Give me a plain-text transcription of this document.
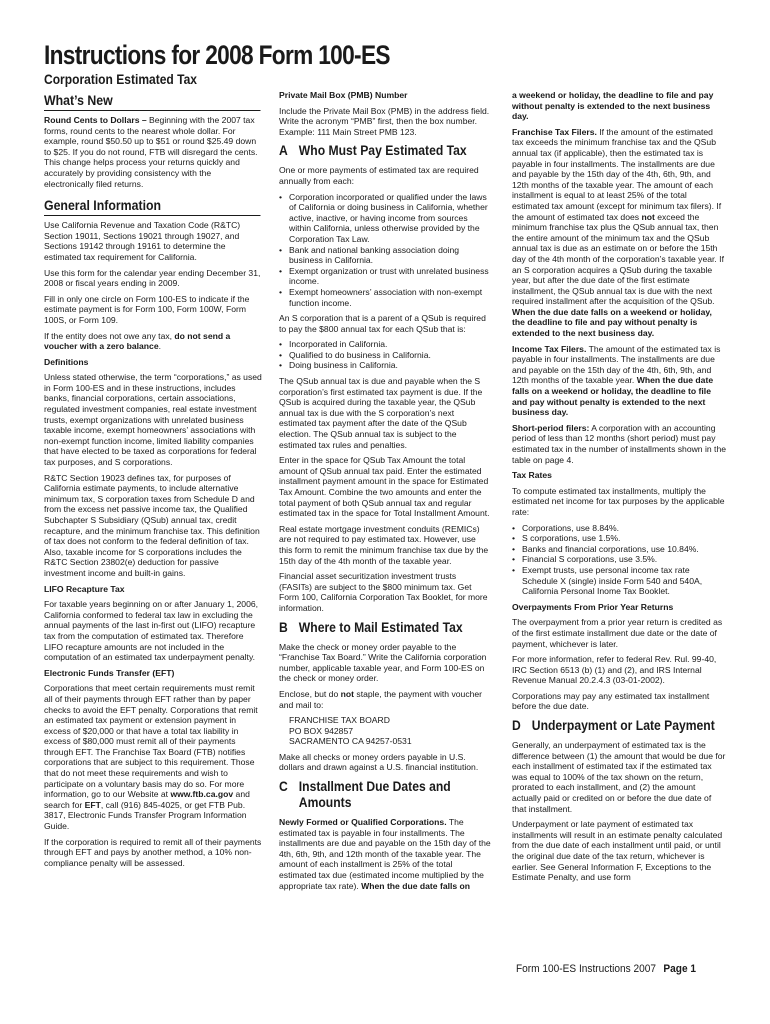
Instructions for 2008 Form 100-ES
Corporation Estimated Tax
What’s New

Round Cents to Dollars – Beginning with the 2007 tax forms, round cents to the nearest whole dollar. For example, round $50.50 up to $51 or round $25.49 down to $25. If you do not round, FTB will disregard the cents. This change helps process your returns quickly and accurately by providing consistency with the electronically filed returns.

General Information

Use California Revenue and Taxation Code (R&TC) Section 19011, Sections 19021 through 19027, and Sections 19142 through 19161 to determine the estimated tax requirement for California.

Use this form for the calendar year ending December 31, 2008 or fiscal years ending in 2009.

Fill in only one circle on Form 100-ES to indicate if the estimate payment is for Form 100, Form 100W, Form 100S, or Form 109.

If the entity does not owe any tax, do not send a voucher with a zero balance.

Definitions

Unless stated otherwise, the term “corporations,” as used in Form 100-ES and in these instructions, includes banks, financial corporations, certain associations, regulated investment companies, real estate investment trusts, exempt organizations with unrelated business taxable income, exempt homeowners’ associations with non-exempt function income, limited liability companies that have elected to be taxed as corporations for federal tax purposes, and S corporations.

R&TC Section 19023 defines tax, for purposes of California estimate payments, to include alternative minimum tax, S corporation taxes from Schedule D and from the excess net passive income tax, the Qualified Subchapter S Subsidiary (QSub) annual tax, credit recapture, and the minimum franchise tax. This definition of tax does not conform to the federal definition of tax. Also, taxable income for S corporations includes the R&TC Section 23802(e) deduction for passive investment income and built-in gains.

LIFO Recapture Tax

For taxable years beginning on or after January 1, 2006, California conformed to federal tax law in excluding the annual payments of the last in-first out (LIFO) recapture tax from the computation of estimated tax. Therefore LIFO recapture amounts are not included in the computation of an estimated tax underpayment penalty.

Electronic Funds Transfer (EFT)

Corporations that meet certain requirements must remit all of their payments through EFT rather than by paper checks to avoid the EFT penalty. Corporations that remit an estimated tax payment or extension payment in excess of $20,000 or that have a total tax liability in excess of $80,000 must remit all of their payments through EFT. The Franchise Tax Board (FTB) notifies corporations that are subject to this requirement. Those that do not meet these requirements and wish to participate on a voluntary basis may do so. For more information, go to our Website at www.ftb.ca.gov and search for EFT, call (916) 845-4025, or get FTB Pub. 3817, Electronic Funds Transfer Program Information Guide.

If the corporation is required to remit all of their payments through EFT and pays by another method, a 10% non-compliance penalty will be assessed.

Private Mail Box (PMB) Number

Include the Private Mail Box (PMB) in the address field. Write the acronym “PMB” first, then the box number. Example: 111 Main Street PMB 123.

A Who Must Pay Estimated Tax

One or more payments of estimated tax are required annually from each:

• Corporation incorporated or qualified under the laws of California or doing business in California, whether active, inactive, or having income from sources within California, unless otherwise provided by the Corporation Tax Law.
• Bank and national banking association doing business in California.
• Exempt organization or trust with unrelated business income.
• Exempt homeowners’ association with non-exempt function income.

An S corporation that is a parent of a QSub is required to pay the $800 annual tax for each QSub that is:

• Incorporated in California.
• Qualified to do business in California.
• Doing business in California.

The QSub annual tax is due and payable when the S corporation’s first estimated tax payment is due. If the QSub is acquired during the taxable year, the QSub annual tax is due with the S corporation’s next estimated tax payment after the date of the QSub election. The QSub annual tax is subject to the estimated tax rules and penalties.

Enter in the space for QSub Tax Amount the total amount of QSub annual tax paid. Enter the estimated installment payment amount in the space for Estimated Tax Amount. Combine the two amounts and enter the total payment of both QSub annual tax and regular estimated tax in the space for Total Installment Amount.

Real estate mortgage investment conduits (REMICs) are not required to pay estimated tax. However, use this form to remit the minimum franchise tax due by the 15th day of the 4th month of the taxable year.

Financial asset securitization investment trusts (FASITs) are subject to the $800 minimum tax. Get Form 100, California Corporation Tax Booklet, for more information.

B Where to Mail Estimated Tax

Make the check or money order payable to the “Franchise Tax Board.” Write the California corporation number, applicable taxable year, and Form 100-ES on the check or money order.

Enclose, but do not staple, the payment with voucher and mail to:

FRANCHISE TAX BOARD
PO BOX 942857
SACRAMENTO CA 94257-0531

Make all checks or money orders payable in U.S. dollars and drawn against a U.S. financial institution.

C Installment Due Dates and Amounts

Newly Formed or Qualified Corporations. The estimated tax is payable in four installments. The installments are due and payable on the 15th day of the 4th, 6th, 9th, and 12th month of the taxable year. The amount of each installment is 25% of the total estimated tax due (estimated income multiplied by the appropriate tax rate). When the due date falls on

a weekend or holiday, the deadline to file and pay without penalty is extended to the next business day.

Franchise Tax Filers. If the amount of the estimated tax exceeds the minimum franchise tax and the QSub annual tax (if applicable), then the estimated tax is payable in four installments. The installments are due and payable by the 15th day of the 4th, 6th, 9th, and 12th months of the taxable year. The amount of each installment is equal to at least 25% of the total estimated tax amount (except for minimum tax filers). If the amount of estimated tax does not exceed the minimum franchise tax plus the QSub annual tax, then the entire amount of the minimum tax and the QSub annual tax is due as an estimate on or before the 15th day of the 4th month of the corporation’s taxable year. If an S corporation acquires a QSub during the taxable year, but after the due date of the first estimate installment, the QSub annual tax is due with the next required installment after the acquisition of the QSub. When the due date falls on a weekend or holiday, the deadline to file and pay without penalty is extended to the next business day.

Income Tax Filers. The amount of the estimated tax is payable in four installments. The installments are due and payable on the 15th day of the 4th, 6th, 9th, and 12th months of the taxable year. When the due date falls on a weekend or holiday, the deadline to file and pay without penalty is extended to the next business day.

Short-period filers: A corporation with an accounting period of less than 12 months (short period) must pay estimated tax in the number of installments shown in the table on page 4.

Tax Rates

To compute estimated tax installments, multiply the estimated net income for tax purposes by the applicable rate:

• Corporations, use 8.84%.
• S corporations, use 1.5%.
• Banks and financial corporations, use 10.84%.
• Financial S corporations, use 3.5%.
• Exempt trusts, use personal income tax rate Schedule X (single) inside Form 540 and 540A, California Personal Inome Tax Booklet.

Overpayments From Prior Year Returns

The overpayment from a prior year return is credited as of the first estimate installment due date or the date of payment, whichever is later.

For more information, refer to federal Rev. Rul. 99-40, IRC Section 6513 (b) (1) and (2), and IRS Internal Revenue Manual 20.2.4.3 (03-01-2002).

Corporations may pay any estimated tax installment before the due date.

D Underpayment or Late Payment

Generally, an underpayment of estimated tax is the difference between (1) the amount that would be due for each installment of estimated tax if the estimated tax was equal to 100% of the tax shown on the return, prorated to each installment, and (2) the amount actually paid or credited on or before the due date of that installment.

Underpayment or late payment of estimated tax installments will result in an estimate penalty calculated from the due date of each installment until paid, or until the original due date of the tax return, whichever is earlier. See General Information F, Exceptions to the Estimate Penalty, and use form

Form 100-ES Instructions 2007 Page 1
